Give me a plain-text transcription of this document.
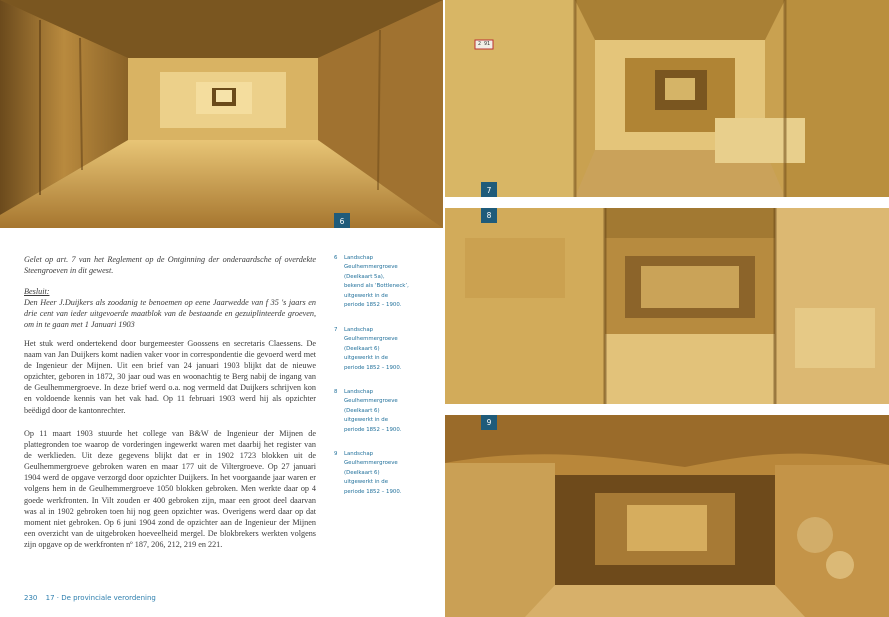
6
2 91
7
8
9
Gelet op art. 7 van het Reglement op de Ontginning der onderaardsche of overdekte Steengroeven in dit gewest.
Besluit:
Den Heer J.Duijkers als zoodanig te benoemen op eene Jaarwedde van f 35 's jaars en drie cent van ieder uitgevoerde maatblok van de bestaande en gezuiplinteerde groeven, om in te gaan met 1 Januari 1903
Het stuk werd ondertekend door burgemeester Goossens en secretaris Claessens. De naam van Jan Duijkers komt nadien vaker voor in correspondentie die gevoerd werd met de Ingenieur der Mijnen. Uit een brief van 24 januari 1903 blijkt dat de nieuwe opzichter, geboren in 1872, 30 jaar oud was en woonachtig te Berg nabij de ingang van de Geulhemmergroeve. In deze brief werd o.a. nog vermeld dat Duijkers schrijven kon en voldoende kennis van het vak had. Op 11 februari 1903 werd hij als opzichter beëdigd door de kantonrechter.
Op 11 maart 1903 stuurde het college van B&W de Ingenieur der Mijnen de plattegronden toe waarop de vorderingen ingewerkt waren met daarbij het register van de werklieden. Uit deze gegevens blijkt dat er in 1902 1723 blokken uit de Geulhemmergroeve gebroken waren en maar 177 uit de Viltergroeve. Op 27 januari 1904 werd de opgave verzorgd door opzichter Duijkers. In het voorgaande jaar waren er volgens hem in de Geulhemmergroeve 1050 blokken gebroken. Men werkte daar op 4 goede werkfronten. In Vilt zouden er 400 gebroken zijn, maar een groot deel daarvan was al in 1902 gebroken toen hij nog geen opzichter was. Overigens werd daar op dat moment niet gebroken. Op 6 juni 1904 zond de opzichter aan de Ingenieur der Mijnen een overzicht van de uitgebroken hoeveelheid mergel. De blokbrekers werkten volgens zijn opgave op de werkfronten nº 187, 206, 212, 219 en 221.
6 Landschap
Geulhemmergroeve
(Deelkaart 5a),
bekend als ‘Bottleneck’,
uitgewerkt in de
periode 1852 – 1900.
7 Landschap
Geulhemmergroeve
(Deelkaart 6)
uitgewerkt in de
periode 1852 – 1900.
8 Landschap
Geulhemmergroeve
(Deelkaart 6)
uitgewerkt in de
periode 1852 – 1900.
9 Landschap
Geulhemmergroeve
(Deelkaart 6)
uitgewerkt in de
periode 1852 – 1900.
230 17 · De provinciale verordening
